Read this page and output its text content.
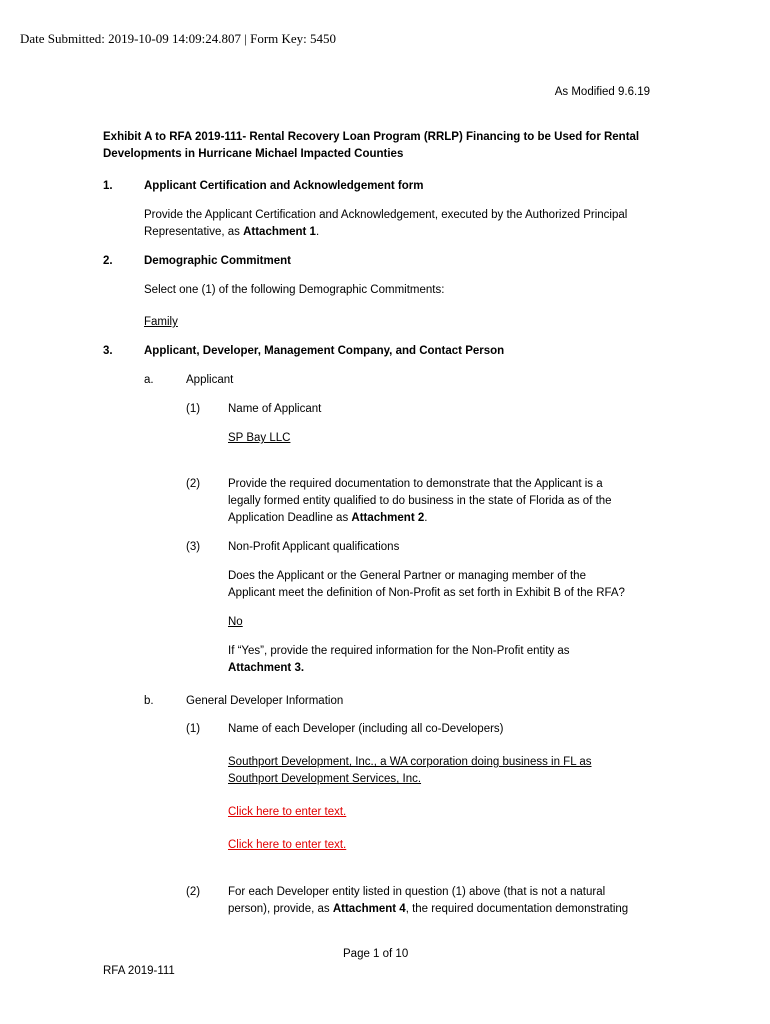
Date Submitted: 2019-10-09 14:09:24.807 | Form Key: 5450
As Modified 9.6.19
Exhibit A to RFA 2019-111- Rental Recovery Loan Program (RRLP) Financing to be Used for Rental
Developments in Hurricane Michael Impacted Counties
1.	Applicant Certification and Acknowledgement form
Provide the Applicant Certification and Acknowledgement, executed by the Authorized Principal
Representative, as Attachment 1.
2.	Demographic Commitment
Select one (1) of the following Demographic Commitments:
Family
3.	Applicant, Developer, Management Company, and Contact Person
a.	Applicant
(1) Name of Applicant
SP Bay LLC
(2) Provide the required documentation to demonstrate that the Applicant is a
legally formed entity qualified to do business in the state of Florida as of the
Application Deadline as Attachment 2.
(3) Non-Profit Applicant qualifications
Does the Applicant or the General Partner or managing member of the
Applicant meet the definition of Non-Profit as set forth in Exhibit B of the RFA?
No
If “Yes”, provide the required information for the Non-Profit entity as
Attachment 3.
b.	General Developer Information
(1) Name of each Developer (including all co-Developers)
Southport Development, Inc., a WA corporation doing business in FL as
Southport Development Services, Inc.
Click here to enter text.
Click here to enter text.
(2) For each Developer entity listed in question (1) above (that is not a natural
person), provide, as Attachment 4, the required documentation demonstrating
Page 1 of 10
RFA 2019-111
